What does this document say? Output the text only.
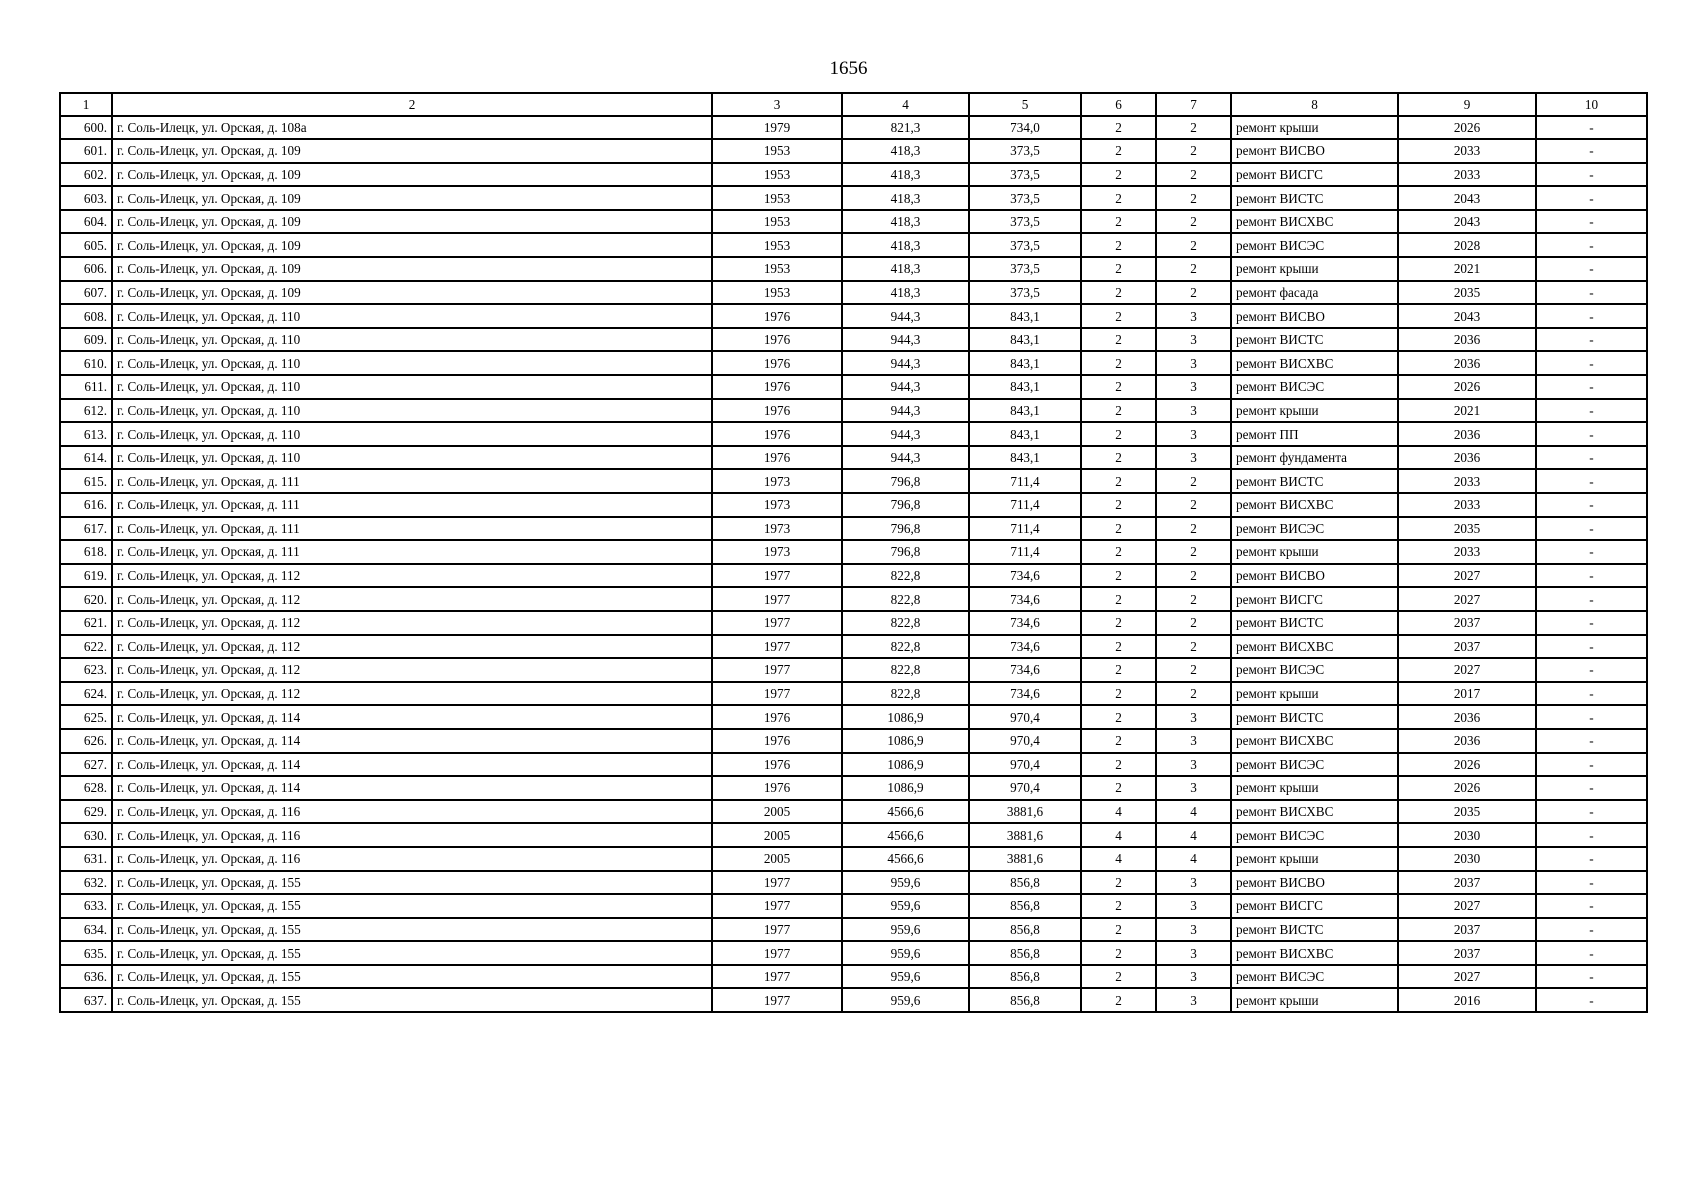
1656
1	2	3	4	5	6	7	8	9	10
600.	г. Соль-Илецк, ул. Орская, д. 108а	1979	821,3	734,0	2	2	ремонт крыши	2026	-
601.	г. Соль-Илецк, ул. Орская, д. 109	1953	418,3	373,5	2	2	ремонт ВИСВО	2033	-
602.	г. Соль-Илецк, ул. Орская, д. 109	1953	418,3	373,5	2	2	ремонт ВИСГС	2033	-
603.	г. Соль-Илецк, ул. Орская, д. 109	1953	418,3	373,5	2	2	ремонт ВИСТС	2043	-
604.	г. Соль-Илецк, ул. Орская, д. 109	1953	418,3	373,5	2	2	ремонт ВИСХВС	2043	-
605.	г. Соль-Илецк, ул. Орская, д. 109	1953	418,3	373,5	2	2	ремонт ВИСЭС	2028	-
606.	г. Соль-Илецк, ул. Орская, д. 109	1953	418,3	373,5	2	2	ремонт крыши	2021	-
607.	г. Соль-Илецк, ул. Орская, д. 109	1953	418,3	373,5	2	2	ремонт фасада	2035	-
608.	г. Соль-Илецк, ул. Орская, д. 110	1976	944,3	843,1	2	3	ремонт ВИСВО	2043	-
609.	г. Соль-Илецк, ул. Орская, д. 110	1976	944,3	843,1	2	3	ремонт ВИСТС	2036	-
610.	г. Соль-Илецк, ул. Орская, д. 110	1976	944,3	843,1	2	3	ремонт ВИСХВС	2036	-
611.	г. Соль-Илецк, ул. Орская, д. 110	1976	944,3	843,1	2	3	ремонт ВИСЭС	2026	-
612.	г. Соль-Илецк, ул. Орская, д. 110	1976	944,3	843,1	2	3	ремонт крыши	2021	-
613.	г. Соль-Илецк, ул. Орская, д. 110	1976	944,3	843,1	2	3	ремонт ПП	2036	-
614.	г. Соль-Илецк, ул. Орская, д. 110	1976	944,3	843,1	2	3	ремонт фундамента	2036	-
615.	г. Соль-Илецк, ул. Орская, д. 111	1973	796,8	711,4	2	2	ремонт ВИСТС	2033	-
616.	г. Соль-Илецк, ул. Орская, д. 111	1973	796,8	711,4	2	2	ремонт ВИСХВС	2033	-
617.	г. Соль-Илецк, ул. Орская, д. 111	1973	796,8	711,4	2	2	ремонт ВИСЭС	2035	-
618.	г. Соль-Илецк, ул. Орская, д. 111	1973	796,8	711,4	2	2	ремонт крыши	2033	-
619.	г. Соль-Илецк, ул. Орская, д. 112	1977	822,8	734,6	2	2	ремонт ВИСВО	2027	-
620.	г. Соль-Илецк, ул. Орская, д. 112	1977	822,8	734,6	2	2	ремонт ВИСГС	2027	-
621.	г. Соль-Илецк, ул. Орская, д. 112	1977	822,8	734,6	2	2	ремонт ВИСТС	2037	-
622.	г. Соль-Илецк, ул. Орская, д. 112	1977	822,8	734,6	2	2	ремонт ВИСХВС	2037	-
623.	г. Соль-Илецк, ул. Орская, д. 112	1977	822,8	734,6	2	2	ремонт ВИСЭС	2027	-
624.	г. Соль-Илецк, ул. Орская, д. 112	1977	822,8	734,6	2	2	ремонт крыши	2017	-
625.	г. Соль-Илецк, ул. Орская, д. 114	1976	1086,9	970,4	2	3	ремонт ВИСТС	2036	-
626.	г. Соль-Илецк, ул. Орская, д. 114	1976	1086,9	970,4	2	3	ремонт ВИСХВС	2036	-
627.	г. Соль-Илецк, ул. Орская, д. 114	1976	1086,9	970,4	2	3	ремонт ВИСЭС	2026	-
628.	г. Соль-Илецк, ул. Орская, д. 114	1976	1086,9	970,4	2	3	ремонт крыши	2026	-
629.	г. Соль-Илецк, ул. Орская, д. 116	2005	4566,6	3881,6	4	4	ремонт ВИСХВС	2035	-
630.	г. Соль-Илецк, ул. Орская, д. 116	2005	4566,6	3881,6	4	4	ремонт ВИСЭС	2030	-
631.	г. Соль-Илецк, ул. Орская, д. 116	2005	4566,6	3881,6	4	4	ремонт крыши	2030	-
632.	г. Соль-Илецк, ул. Орская, д. 155	1977	959,6	856,8	2	3	ремонт ВИСВО	2037	-
633.	г. Соль-Илецк, ул. Орская, д. 155	1977	959,6	856,8	2	3	ремонт ВИСГС	2027	-
634.	г. Соль-Илецк, ул. Орская, д. 155	1977	959,6	856,8	2	3	ремонт ВИСТС	2037	-
635.	г. Соль-Илецк, ул. Орская, д. 155	1977	959,6	856,8	2	3	ремонт ВИСХВС	2037	-
636.	г. Соль-Илецк, ул. Орская, д. 155	1977	959,6	856,8	2	3	ремонт ВИСЭС	2027	-
637.	г. Соль-Илецк, ул. Орская, д. 155	1977	959,6	856,8	2	3	ремонт крыши	2016	-
